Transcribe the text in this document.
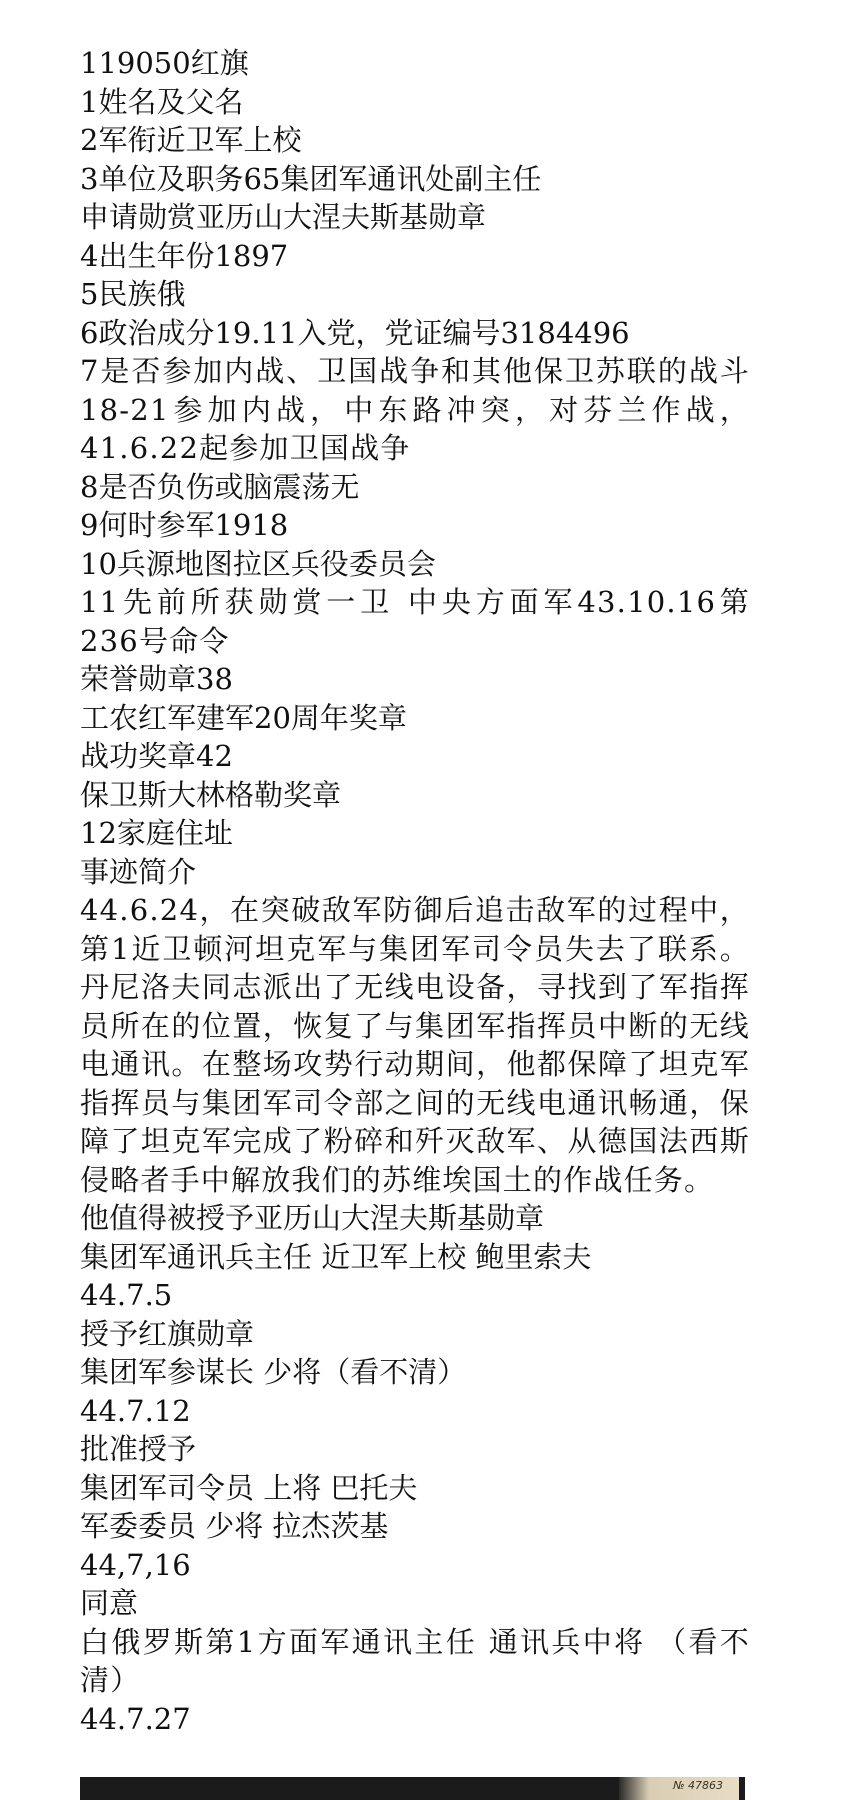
119050红旗
1姓名及父名
2军衔近卫军上校
3单位及职务65集团军通讯处副主任
申请勋赏亚历山大涅夫斯基勋章
4出生年份1897
5民族俄
6政治成分19.11入党，党证编号3184496
7是否参加内战、卫国战争和其他保卫苏联的战斗18-21参加内战，中东路冲突，对芬兰作战，41.6.22起参加卫国战争
8是否负伤或脑震荡无
9何时参军1918
10兵源地图拉区兵役委员会
11先前所获勋赏一卫 中央方面军43.10.16第236号命令
荣誉勋章38
工农红军建军20周年奖章
战功奖章42
保卫斯大林格勒奖章
12家庭住址
事迹简介
44.6.24，在突破敌军防御后追击敌军的过程中，第1近卫顿河坦克军与集团军司令员失去了联系。丹尼洛夫同志派出了无线电设备，寻找到了军指挥员所在的位置，恢复了与集团军指挥员中断的无线电通讯。在整场攻势行动期间，他都保障了坦克军指挥员与集团军司令部之间的无线电通讯畅通，保障了坦克军完成了粉碎和歼灭敌军、从德国法西斯侵略者手中解放我们的苏维埃国土的作战任务。
他值得被授予亚历山大涅夫斯基勋章
集团军通讯兵主任 近卫军上校 鲍里索夫
44.7.5
授予红旗勋章
集团军参谋长 少将（看不清）
44.7.12
批准授予
集团军司令员 上将 巴托夫
军委委员 少将 拉杰茨基
44,7,16
同意
白俄罗斯第1方面军通讯主任 通讯兵中将 （看不清）
44.7.27
№ 47863
